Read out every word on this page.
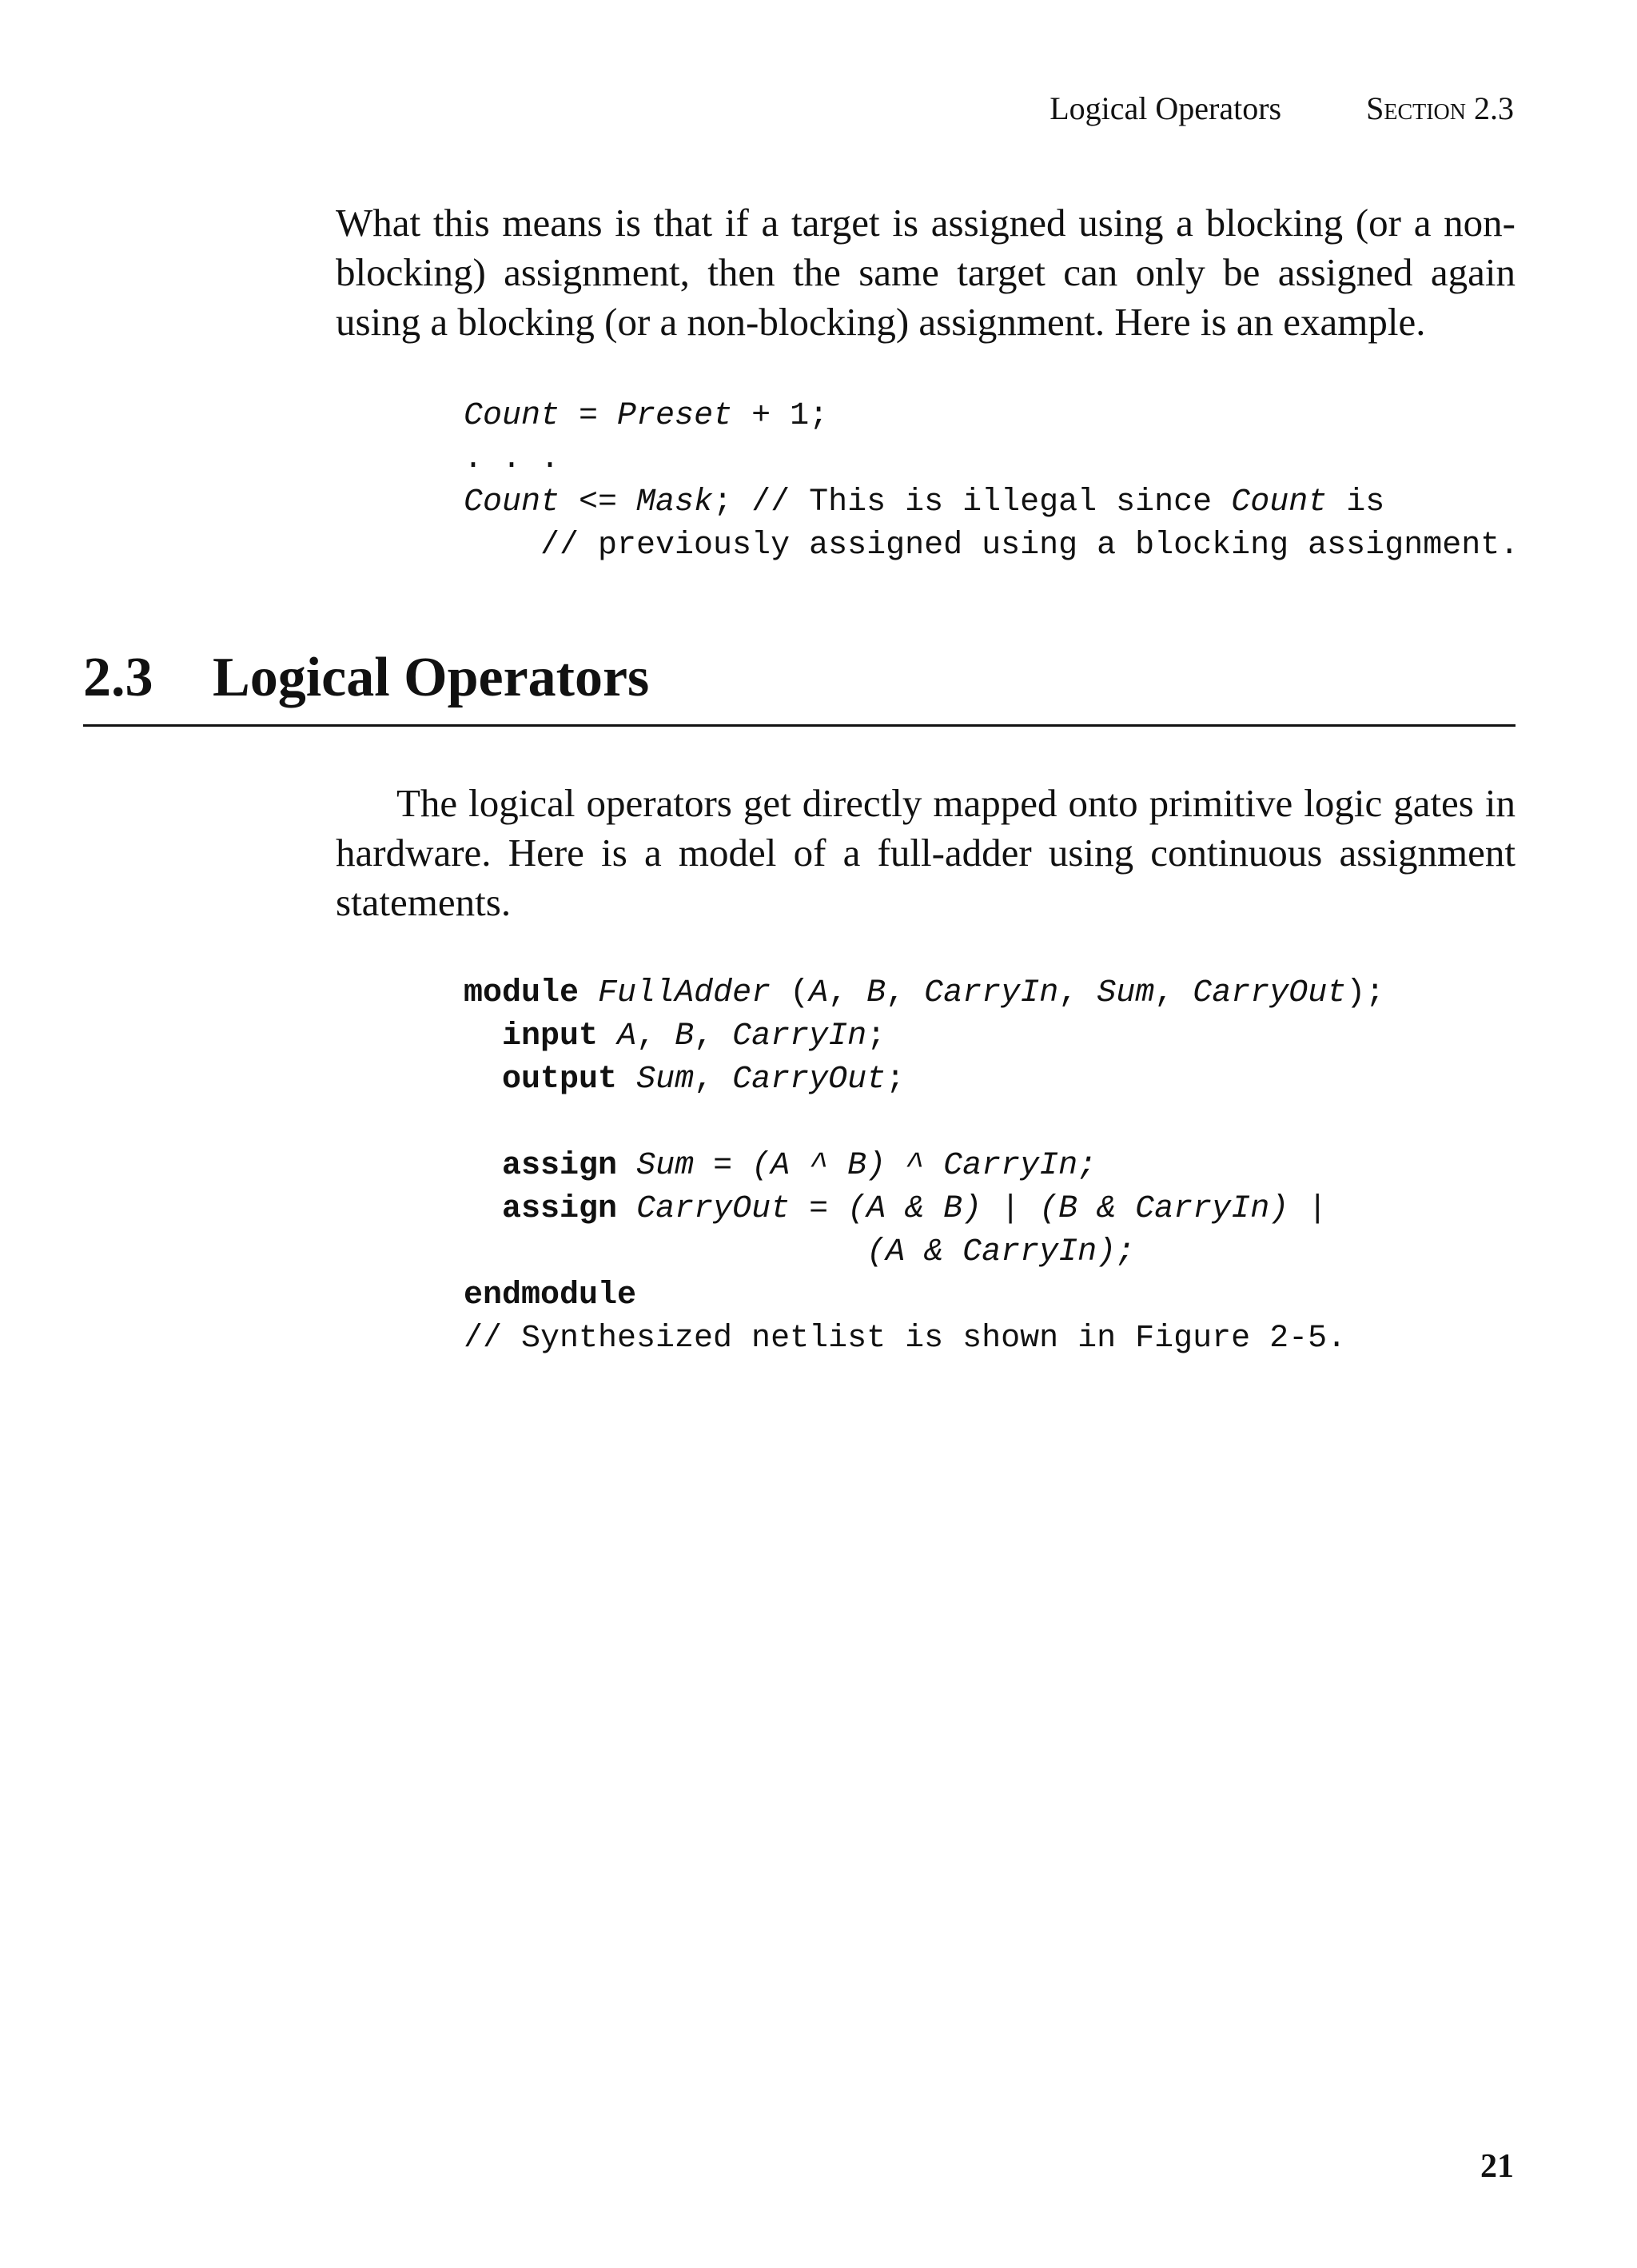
Logical Operators	Section 2.3

What this means is that if a target is assigned using a blocking (or a non-blocking) assignment, then the same target can only be assigned again using a blocking (or a non-blocking) assignment. Here is an example.

Count = Preset + 1;
. . .
Count <= Mask; // This is illegal since Count is
// previously assigned using a blocking assignment.
2.3 Logical Operators

The logical operators get directly mapped onto primitive logic gates in hardware. Here is a model of a full-adder using continuous assignment statements.

module FullAdder (A, B, CarryIn, Sum, CarryOut);
input A, B, CarryIn;
output Sum, CarryOut;

assign Sum = (A ^ B) ^ CarryIn;
assign CarryOut = (A & B) | (B & CarryIn) |
(A & CarryIn);
endmodule
// Synthesized netlist is shown in Figure 2-5.
21
